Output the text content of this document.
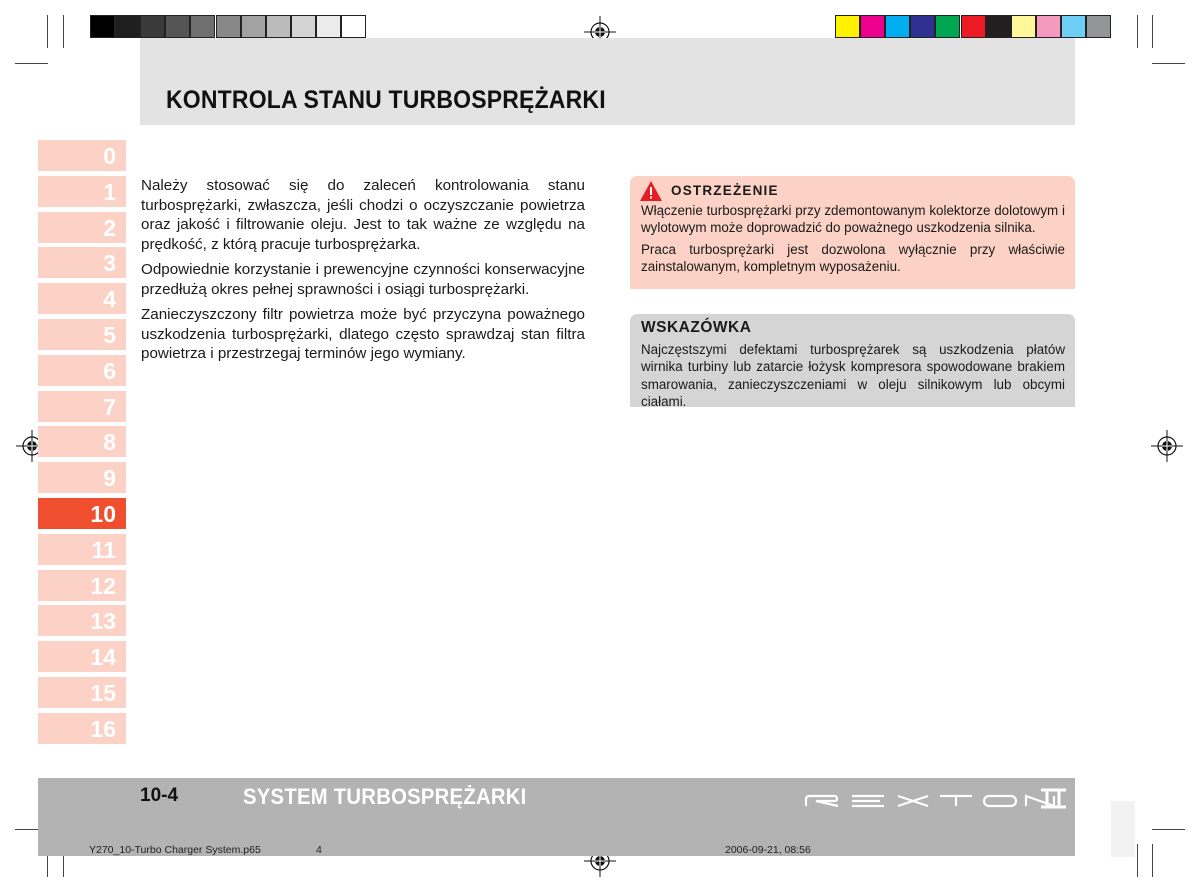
KONTROLA STANU TURBOSPRĘŻARKI
0
1
2
3
4
5
6
7
8
9
10
11
12
13
14
15
16

Należy stosować się do zaleceń kontrolowania stanu turbosprężarki, zwłaszcza, jeśli chodzi o oczyszczanie powietrza oraz jakość i filtrowanie oleju. Jest to tak ważne ze względu na prędkość, z którą pracuje turbosprężarka.

Odpowiednie korzystanie i prewencyjne czynności konserwacyjne przedłużą okres pełnej sprawności i osiągi turbosprężarki.

Zanieczyszczony filtr powietrza może być przyczyna poważnego uszkodzenia turbosprężarki, dlatego często sprawdzaj stan filtra powietrza i przestrzegaj terminów jego wymiany.

OSTRZEŻENIE

Włączenie turbosprężarki przy zdemontowanym kolektorze dolotowym i wylotowym może doprowadzić do poważnego uszkodzenia silnika.

Praca turbosprężarki jest dozwolona wyłącznie przy właściwie zainstalowanym, kompletnym wyposażeniu.

WSKAZÓWKA

Najczęstszymi defektami turbosprężarek są uszkodzenia płatów wirnika turbiny lub zatarcie łożysk kompresora spowodowane brakiem smarowania, zanieczyszczeniami w oleju silnikowym lub obcymi ciałami.

10-4	SYSTEM TURBOSPRĘŻARKI
Y270_10-Turbo Charger System.p65	4	2006-09-21, 08:56
